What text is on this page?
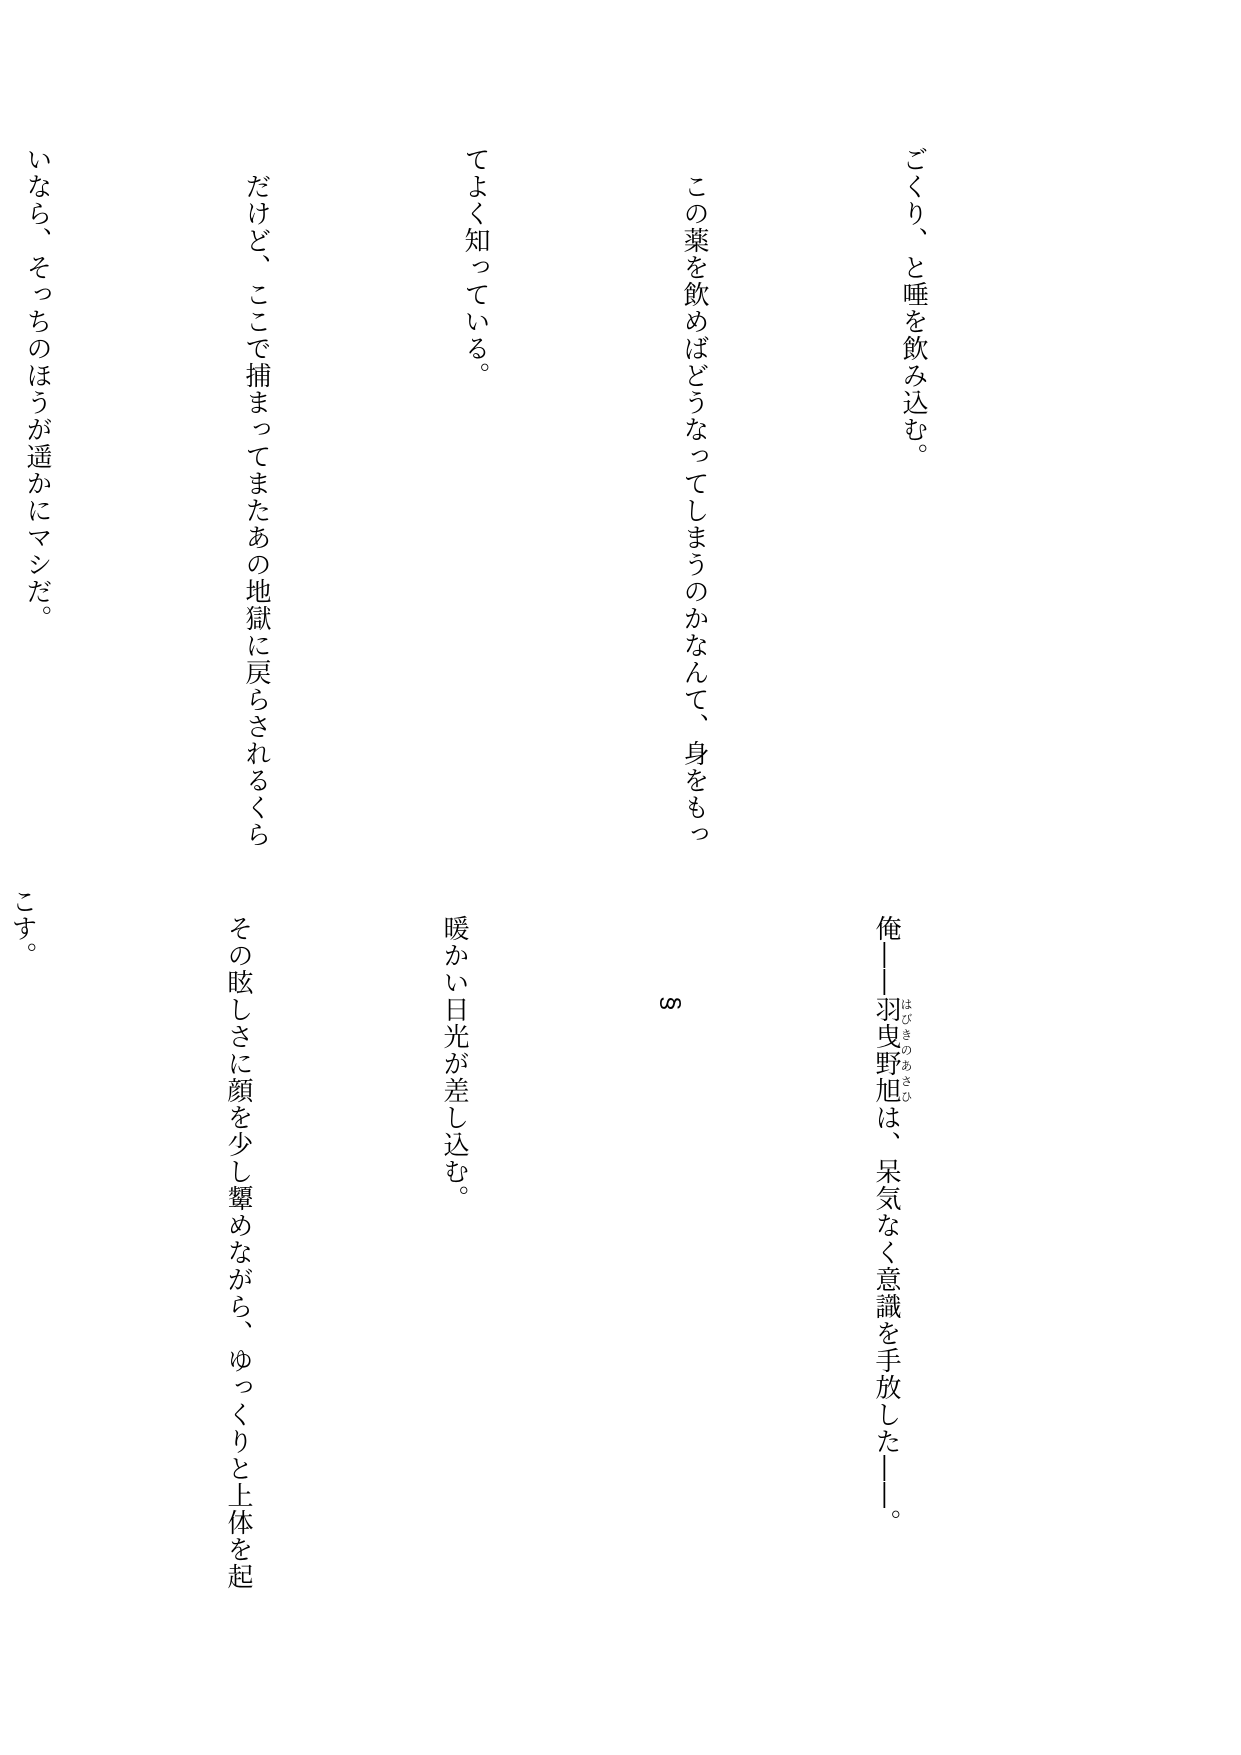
ごくり、と唾を飲み込む。

　この薬を飲めばどうなってしまうのかなんて、身をもっ

てよく知っている。

　だけど、ここで捕まってまたあの地獄に戻らされるくら

いなら、そっちのほうが遥かにマシだ。

　俺――羽曳野旭はびきのあさひは、呆気なく意識を手放した――。

　　　　§

　暖かい日光が差し込む。

　その眩しさに顔を少し顰めながら、ゆっくりと上体を起

こす。
